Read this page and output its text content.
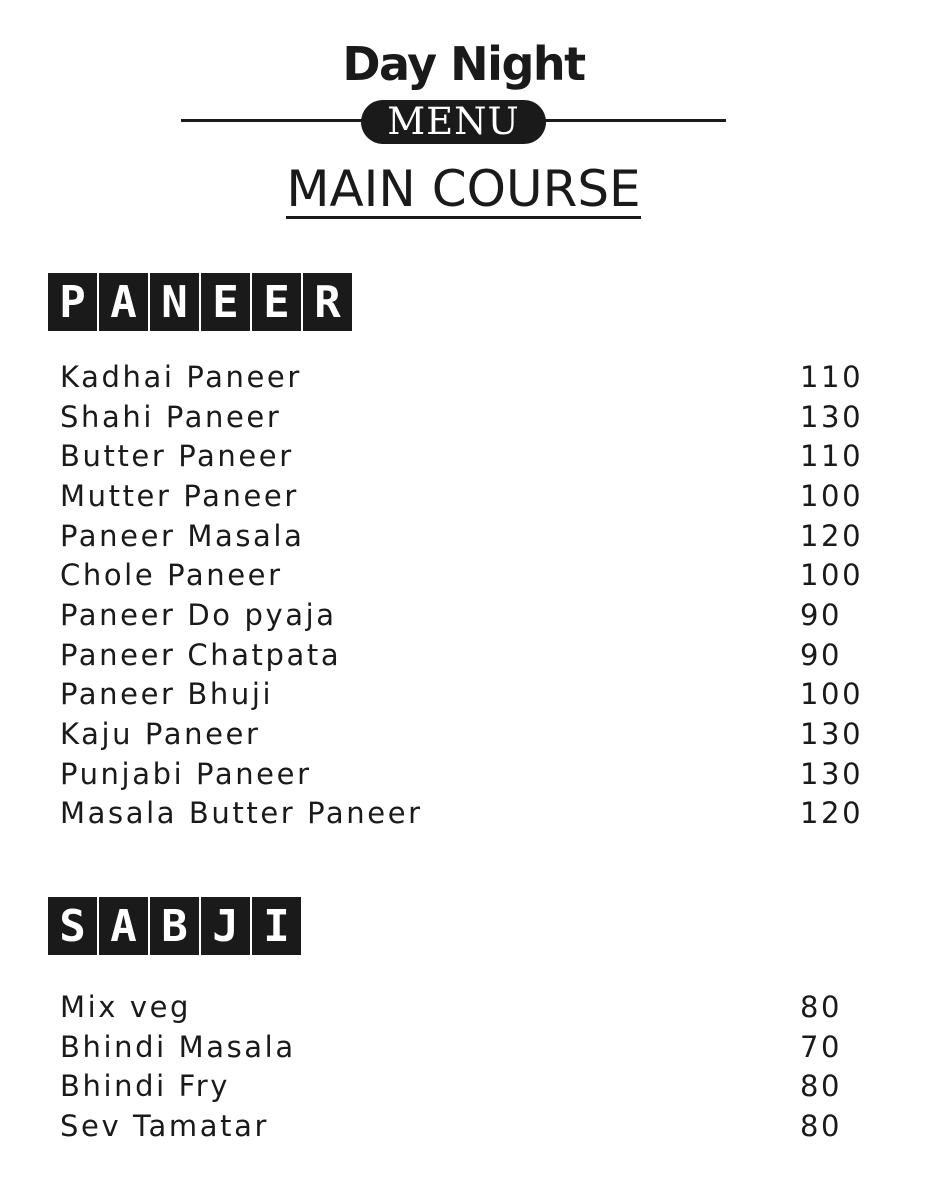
Day Night
MENU
MAIN COURSE
P A N E E R
Kadhai Paneer	110
Shahi Paneer	130
Butter Paneer	110
Mutter Paneer	100
Paneer Masala	120
Chole Paneer	100
Paneer Do pyaja	90
Paneer Chatpata	90
Paneer Bhuji	100
Kaju Paneer	130
Punjabi Paneer	130
Masala Butter Paneer	120
S A B J I
Mix veg	80
Bhindi Masala	70
Bhindi Fry	80
Sev Tamatar	80
